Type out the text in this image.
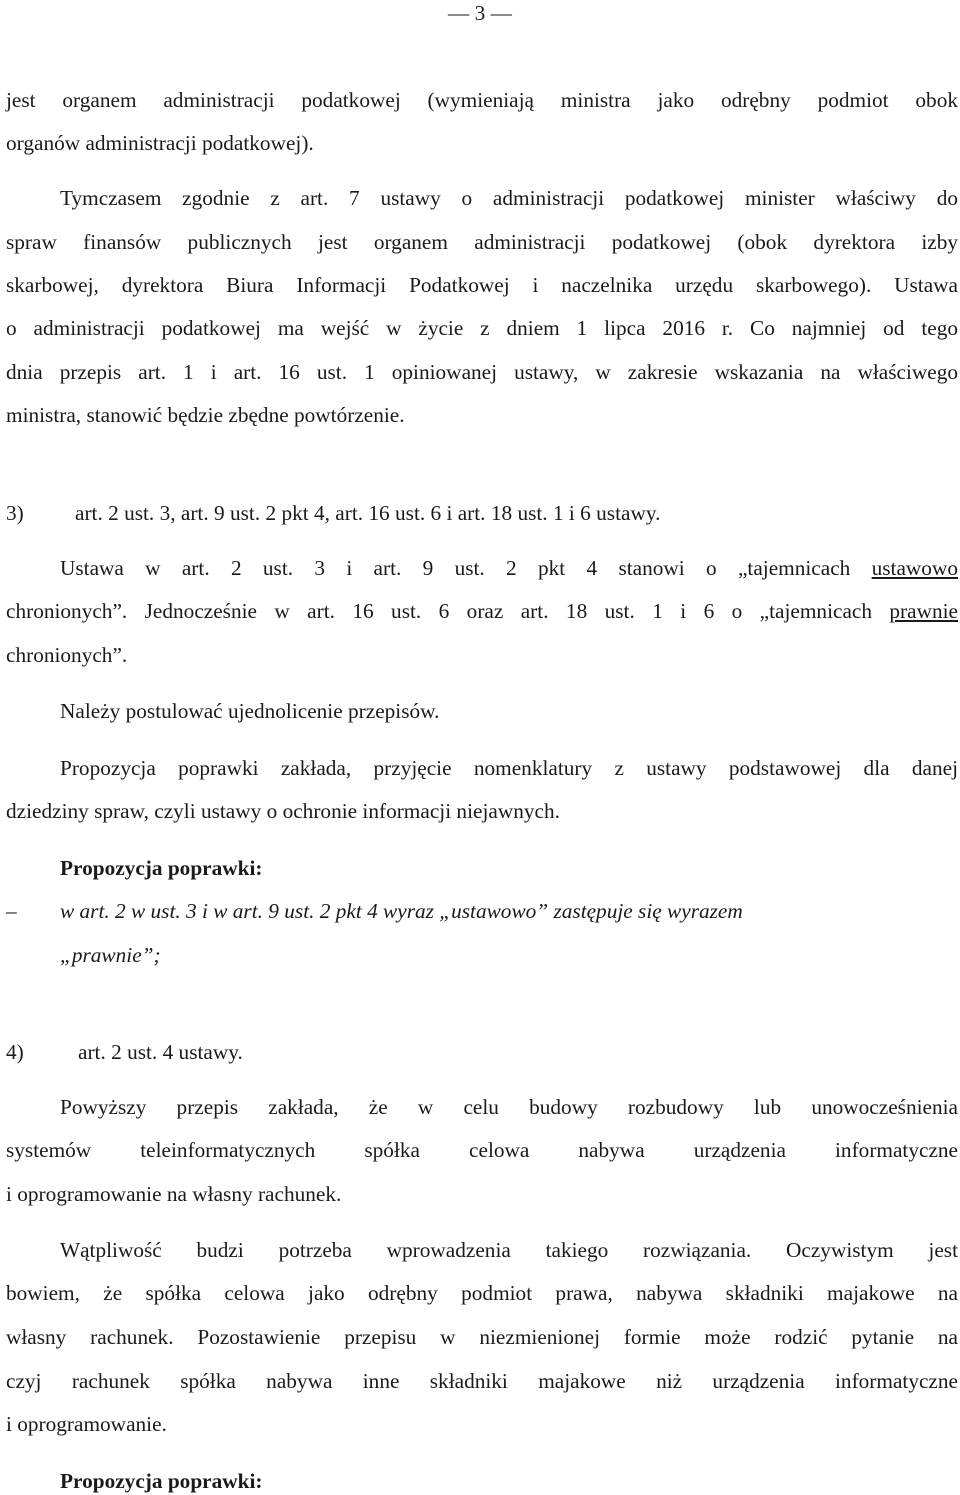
— 3 —
jest organem administracji podatkowej (wymieniają ministra jako odrębny podmiot obok
organów administracji podatkowej).
Tymczasem zgodnie z art. 7 ustawy o administracji podatkowej minister właściwy do
spraw finansów publicznych jest organem administracji podatkowej (obok dyrektora izby
skarbowej, dyrektora Biura Informacji Podatkowej i naczelnika urzędu skarbowego). Ustawa
o administracji podatkowej ma wejść w życie z dniem 1 lipca 2016 r. Co najmniej od tego
dnia przepis art. 1 i art. 16 ust. 1 opiniowanej ustawy, w zakresie wskazania na właściwego
ministra, stanowić będzie zbędne powtórzenie.
3) art. 2 ust. 3, art. 9 ust. 2 pkt 4, art. 16 ust. 6 i art. 18 ust. 1 i 6 ustawy.
Ustawa w art. 2 ust. 3 i art. 9 ust. 2 pkt 4 stanowi o „tajemnicach ustawowo
chronionych”. Jednocześnie w art. 16 ust. 6 oraz art. 18 ust. 1 i 6 o „tajemnicach prawnie
chronionych”.
Należy postulować ujednolicenie przepisów.
Propozycja poprawki zakłada, przyjęcie nomenklatury z ustawy podstawowej dla danej
dziedziny spraw, czyli ustawy o ochronie informacji niejawnych.
Propozycja poprawki:
– w art. 2 w ust. 3 i w art. 9 ust. 2 pkt 4 wyraz „ustawowo” zastępuje się wyrazem
„prawnie”;
4)	art. 2 ust. 4 ustawy.
Powyższy przepis zakłada, że w celu budowy rozbudowy lub unowocześnienia
systemów teleinformatycznych spółka celowa nabywa urządzenia informatyczne
i oprogramowanie na własny rachunek.
Wątpliwość budzi potrzeba wprowadzenia takiego rozwiązania. Oczywistym jest
bowiem, że spółka celowa jako odrębny podmiot prawa, nabywa składniki majakowe na
własny rachunek. Pozostawienie przepisu w niezmienionej formie może rodzić pytanie na
czyj rachunek spółka nabywa inne składniki majakowe niż urządzenia informatyczne
i oprogramowanie.
Propozycja poprawki:
